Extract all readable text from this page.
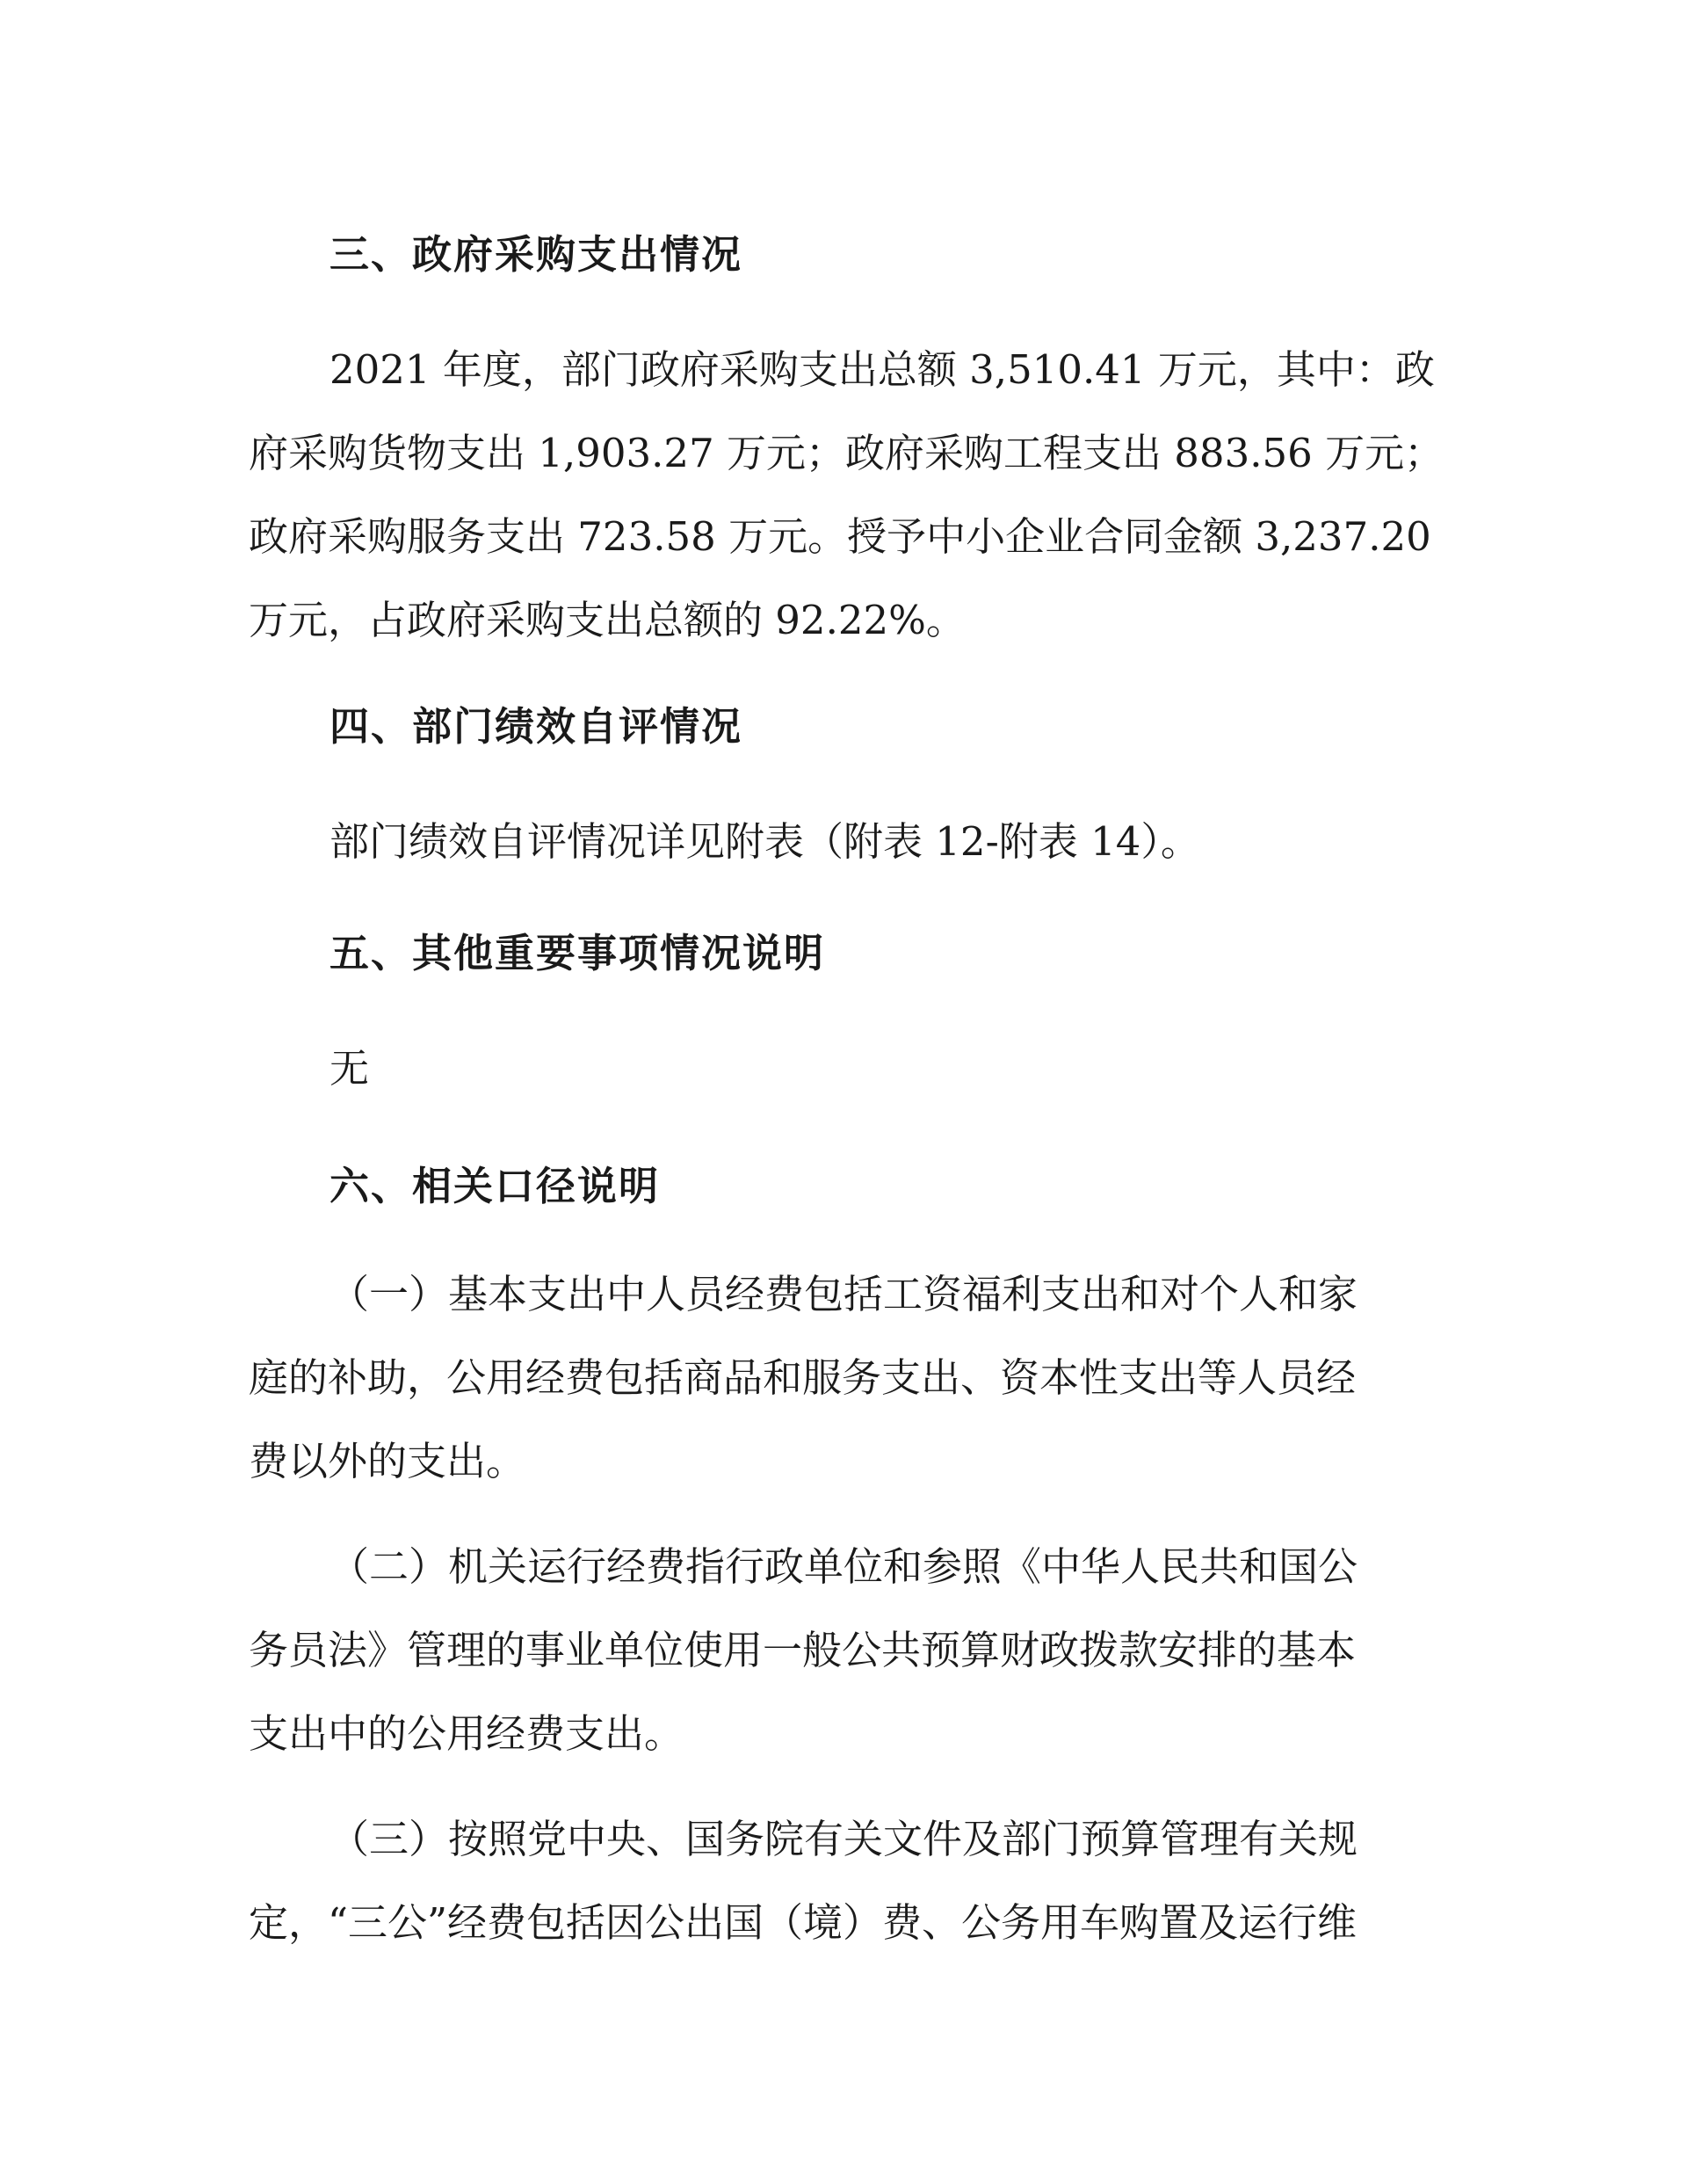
三、政府采购支出情况
2021 年度，部门政府采购支出总额 3,510.41 万元，其中：政
府采购货物支出 1,903.27 万元；政府采购工程支出 883.56 万元；
政府采购服务支出 723.58 万元。授予中小企业合同金额 3,237.20
万元，占政府采购支出总额的 92.22%。
四、部门绩效自评情况
部门绩效自评情况详见附表（附表 12-附表 14）。
五、其他重要事项情况说明
无
六、相关口径说明
（一）基本支出中人员经费包括工资福利支出和对个人和家
庭的补助，公用经费包括商品和服务支出、资本性支出等人员经
费以外的支出。
（二）机关运行经费指行政单位和参照《中华人民共和国公
务员法》管理的事业单位使用一般公共预算财政拨款安排的基本
支出中的公用经费支出。
（三）按照党中央、国务院有关文件及部门预算管理有关规
定，“三公”经费包括因公出国（境）费、公务用车购置及运行维
